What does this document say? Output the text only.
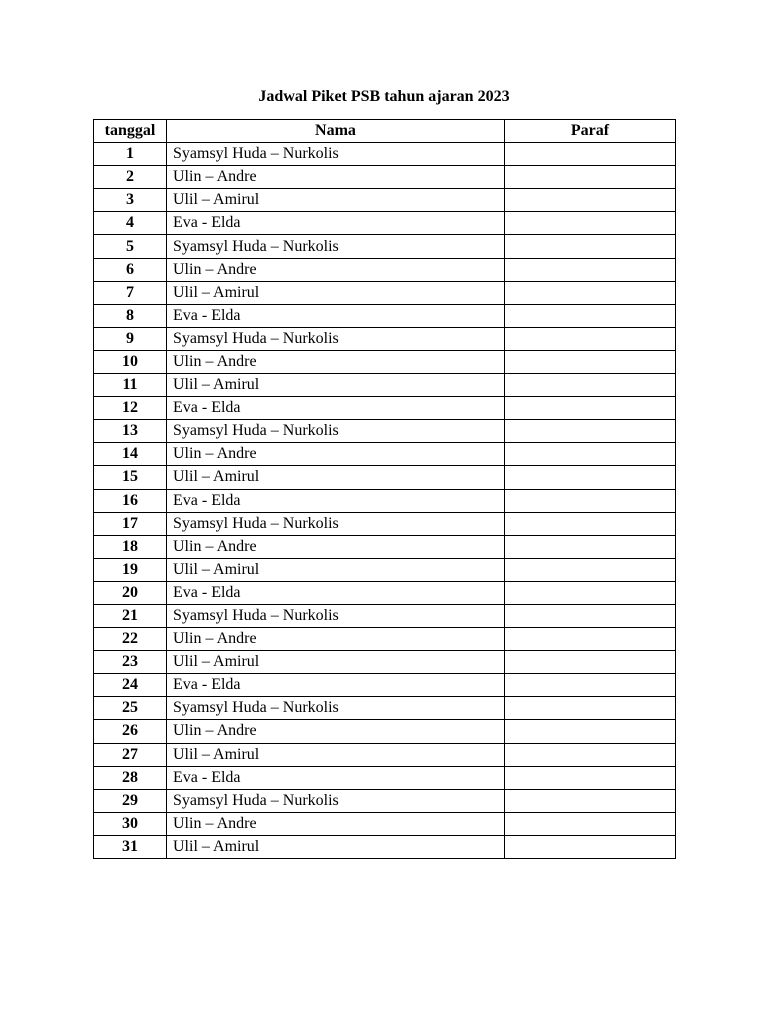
Jadwal Piket PSB tahun ajaran 2023
tanggal	Nama	Paraf
1	Syamsyl Huda – Nurkolis	
2	Ulin – Andre	
3	Ulil – Amirul	
4	Eva - Elda	
5	Syamsyl Huda – Nurkolis	
6	Ulin – Andre	
7	Ulil – Amirul	
8	Eva - Elda	
9	Syamsyl Huda – Nurkolis	
10	Ulin – Andre	
11	Ulil – Amirul	
12	Eva - Elda	
13	Syamsyl Huda – Nurkolis	
14	Ulin – Andre	
15	Ulil – Amirul	
16	Eva - Elda	
17	Syamsyl Huda – Nurkolis	
18	Ulin – Andre	
19	Ulil – Amirul	
20	Eva - Elda	
21	Syamsyl Huda – Nurkolis	
22	Ulin – Andre	
23	Ulil – Amirul	
24	Eva - Elda	
25	Syamsyl Huda – Nurkolis	
26	Ulin – Andre	
27	Ulil – Amirul	
28	Eva - Elda	
29	Syamsyl Huda – Nurkolis	
30	Ulin – Andre	
31	Ulil – Amirul	
